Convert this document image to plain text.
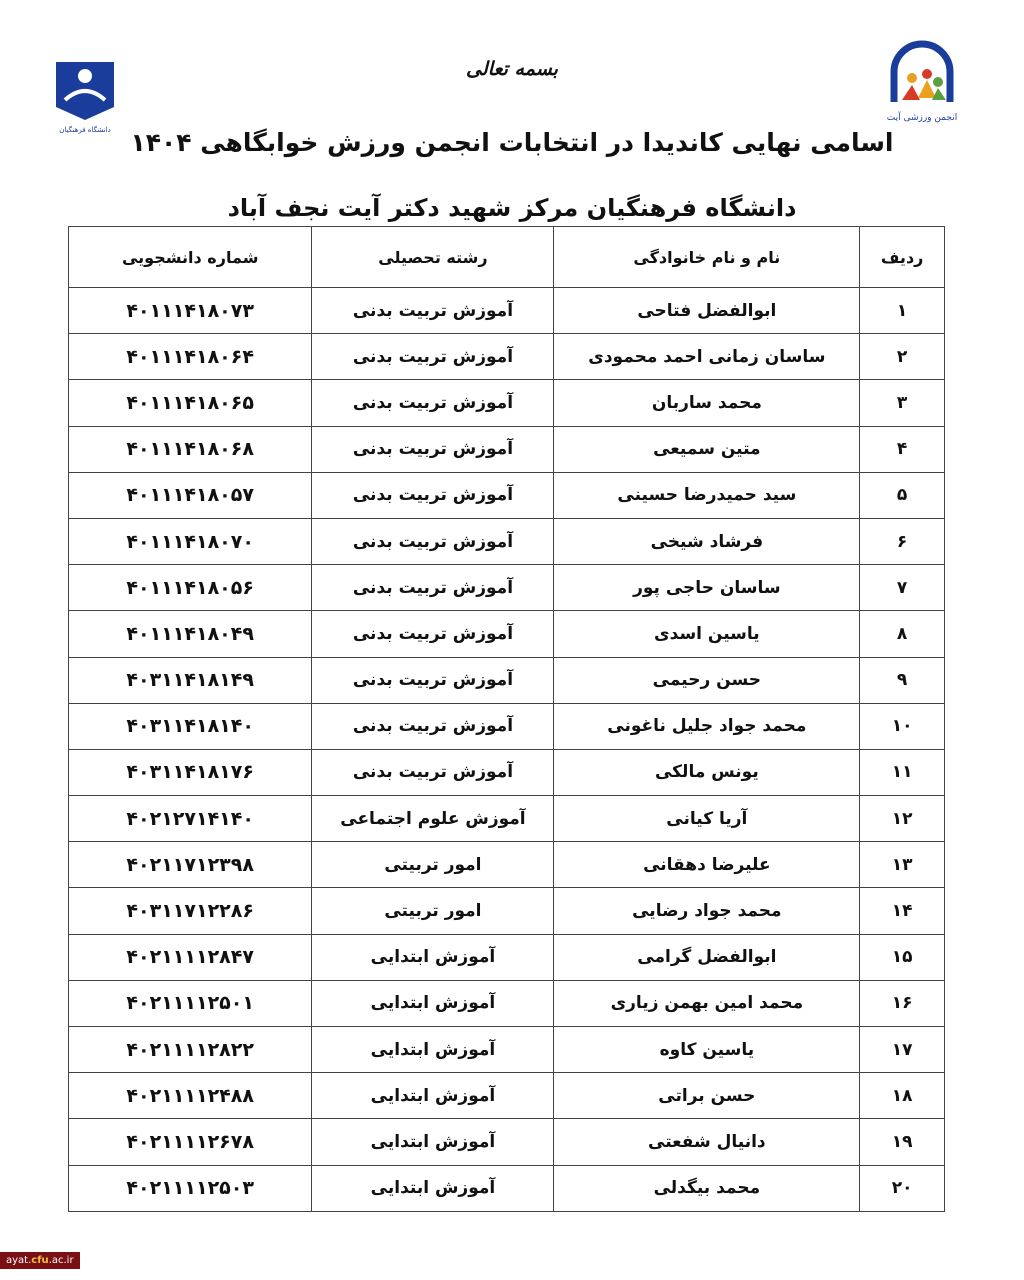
انجمن ورزشی آیت
دانشگاه فرهنگیان
بسمه تعالی
اسامی نهایی کاندیدا در انتخابات انجمن ورزش خوابگاهی ۱۴۰۴
دانشگاه فرهنگیان مرکز شهید دکتر آیت نجف آباد
ردیف	نام و نام خانوادگی	رشته تحصیلی	شماره دانشجویی
۱	ابوالفضل فتاحی	آموزش تربیت بدنی	۴۰۱۱۱۴۱۸۰۷۳
۲	ساسان زمانی احمد محمودی	آموزش تربیت بدنی	۴۰۱۱۱۴۱۸۰۶۴
۳	محمد ساربان	آموزش تربیت بدنی	۴۰۱۱۱۴۱۸۰۶۵
۴	متین سمیعی	آموزش تربیت بدنی	۴۰۱۱۱۴۱۸۰۶۸
۵	سید حمیدرضا حسینی	آموزش تربیت بدنی	۴۰۱۱۱۴۱۸۰۵۷
۶	فرشاد شیخی	آموزش تربیت بدنی	۴۰۱۱۱۴۱۸۰۷۰
۷	ساسان حاجی پور	آموزش تربیت بدنی	۴۰۱۱۱۴۱۸۰۵۶
۸	یاسین اسدی	آموزش تربیت بدنی	۴۰۱۱۱۴۱۸۰۴۹
۹	حسن رحیمی	آموزش تربیت بدنی	۴۰۳۱۱۴۱۸۱۴۹
۱۰	محمد جواد جلیل ناغونی	آموزش تربیت بدنی	۴۰۳۱۱۴۱۸۱۴۰
۱۱	یونس مالکی	آموزش تربیت بدنی	۴۰۳۱۱۴۱۸۱۷۶
۱۲	آریا کیانی	آموزش علوم اجتماعی	۴۰۲۱۲۷۱۴۱۴۰
۱۳	علیرضا دهقانی	امور تربیتی	۴۰۲۱۱۷۱۲۳۹۸
۱۴	محمد جواد رضایی	امور تربیتی	۴۰۳۱۱۷۱۲۲۸۶
۱۵	ابوالفضل گرامی	آموزش ابتدایی	۴۰۲۱۱۱۱۲۸۴۷
۱۶	محمد امین بهمن زیاری	آموزش ابتدایی	۴۰۲۱۱۱۱۲۵۰۱
۱۷	یاسین کاوه	آموزش ابتدایی	۴۰۲۱۱۱۱۲۸۲۲
۱۸	حسن براتی	آموزش ابتدایی	۴۰۲۱۱۱۱۲۴۸۸
۱۹	دانیال شفعتی	آموزش ابتدایی	۴۰۲۱۱۱۱۲۶۷۸
۲۰	محمد بیگدلی	آموزش ابتدایی	۴۰۲۱۱۱۱۲۵۰۳
ayat.cfu.ac.ir
